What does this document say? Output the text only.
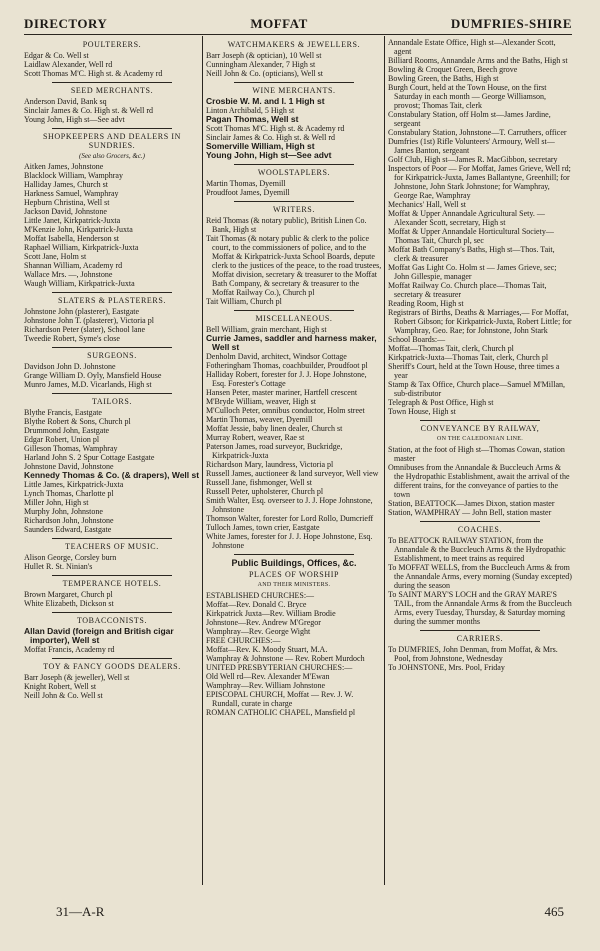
DIRECTORY	MOFFAT	DUMFRIES-SHIRE
POULTERERS.
Edgar & Co. Well st
Laidlaw Alexander, Well rd
Scott Thomas M'C. High st. & Academy rd
SEED MERCHANTS.
Anderson David, Bank sq
Sinclair James & Co. High st. & Well rd
Young John, High st—See advt
SHOPKEEPERS AND DEALERS IN SUNDRIES.
(See also Grocers, &c.)
Aitken James, Johnstone
Blacklock William, Wamphray
Halliday James, Church st
Harkness Samuel, Wamphray
Hepburn Christina, Well st
Jackson David, Johnstone
Little Janet, Kirkpatrick-Juxta
M'Kenzie John, Kirkpatrick-Juxta
Moffat Isabella, Henderson st
Raphael William, Kirkpatrick-Juxta
Scott Jane, Holm st
Shannan William, Academy rd
Wallace Mrs. —, Johnstone
Waugh William, Kirkpatrick-Juxta
SLATERS & PLASTERERS.
Johnstone John (plasterer), Eastgate
Johnstone John T. (plasterer), Victoria pl
Richardson Peter (slater), School lane
Tweedie Robert, Syme's close
SURGEONS.
Davidson John D. Johnstone
Grange William D. Oyly, Mansfield House
Munro James, M.D. Vicarlands, High st
TAILORS.
Blythe Francis, Eastgate
Blythe Robert & Sons, Church pl
Drummond John, Eastgate
Edgar Robert, Union pl
Gilleson Thomas, Wamphray
Harland John S. 2 Spur Cottage Eastgate
Johnstone David, Johnstone
Kennedy Thomas & Co. (& drapers), Well st
Little James, Kirkpatrick-Juxta
Lynch Thomas, Charlotte pl
Miller John, High st
Murphy John, Johnstone
Richardson John, Johnstone
Saunders Edward, Eastgate
TEACHERS OF MUSIC.
Alison George, Corsley burn
Hullet R. St. Ninian's
TEMPERANCE HOTELS.
Brown Margaret, Church pl
White Elizabeth, Dickson st
TOBACCONISTS.
Allan David (foreign and British cigar importer), Well st
Moffat Francis, Academy rd
TOY & FANCY GOODS DEALERS.
Barr Joseph (& jeweller), Well st
Knight Robert, Well st
Neill John & Co. Well st
WATCHMAKERS & JEWELLERS.
Barr Joseph (& optician), 10 Well st
Cunningham Alexander, 7 High st
Neill John & Co. (opticians), Well st
WINE MERCHANTS.
Crosbie W. M. and I. 1 High st
Linton Archibald, 5 High st
Pagan Thomas, Well st
Scott Thomas M'C. High st. & Academy rd
Sinclair James & Co. High st. & Well rd
Somerville William, High st
Young John, High st—See advt
WOOLSTAPLERS.
Martin Thomas, Dyemill
Proudfoot James, Dyemill
WRITERS.
Reid Thomas (& notary public), British Linen Co. Bank, High st
Tait Thomas (& notary public & clerk to the police court, to the commissioners of police, and to the Moffat & Kirkpatrick-Juxta School Boards, depute clerk to the justices of the peace, to the road trustees, Moffat division, secretary & treasurer to the Moffat Bath Company, & secretary & treasurer to the Moffat Railway Co.), Church pl
Tait William, Church pl
MISCELLANEOUS.
Bell William, grain merchant, High st
Currie James, saddler and harness maker, Well st
Denholm David, architect, Windsor Cottage
Fotheringham Thomas, coachbuilder, Proudfoot pl
Halliday Robert, forester for J. J. Hope Johnstone, Esq. Forester's Cottage
Hansen Peter, master mariner, Hartfell crescent
M'Bryde William, weaver, High st
M'Culloch Peter, omnibus conductor, Holm street
Martin Thomas, weaver, Dyemill
Moffat Jessie, baby linen dealer, Church st
Murray Robert, weaver, Rae st
Paterson James, road surveyor, Buckridge, Kirkpatrick-Juxta
Richardson Mary, laundress, Victoria pl
Russell James, auctioneer & land surveyor, Well view
Russell Jane, fishmonger, Well st
Russell Peter, upholsterer, Church pl
Smith Walter, Esq. overseer to J. J. Hope Johnstone, Johnstone
Thomson Walter, forester for Lord Rollo, Dumcrieff
Tulloch James, town crier, Eastgate
White James, forester for J. J. Hope Johnstone, Esq. Johnstone
Public Buildings, Offices, &c.
PLACES OF WORSHIP
AND THEIR MINISTERS.
ESTABLISHED CHURCHES:—
Moffat—Rev. Donald C. Bryce
Kirkpatrick Juxta—Rev. William Brodie
Johnstone—Rev. Andrew M'Gregor
Wamphray—Rev. George Wight
FREE CHURCHES:—
Moffat—Rev. K. Moody Stuart, M.A.
Wamphray & Johnstone — Rev. Robert Murdoch
UNITED PRESBYTERIAN CHURCHES:—
Old Well rd—Rev. Alexander M'Ewan
Wamphray—Rev. William Johnstone
EPISCOPAL CHURCH, Moffat — Rev. J. W. Rundall, curate in charge
ROMAN CATHOLIC CHAPEL, Mansfield pl
Annandale Estate Office, High st—Alexander Scott, agent
Billiard Rooms, Annandale Arms and the Baths, High st
Bowling & Croquet Green, Beech grove
Bowling Green, the Baths, High st
Burgh Court, held at the Town House, on the first Saturday in each month — George Williamson, provost; Thomas Tait, clerk
Constabulary Station, off Holm st—James Jardine, sergeant
Constabulary Station, Johnstone—T. Carruthers, officer
Dumfries (1st) Rifle Volunteers' Armoury, Well st—James Banton, sergeant
Golf Club, High st—James R. MacGibbon, secretary
Inspectors of Poor — For Moffat, James Grieve, Well rd; for Kirkpatrick-Juxta, James Ballantyne, Greenhill; for Johnstone, John Stark Johnstone; for Wamphray, George Rae, Wamphray
Mechanics' Hall, Well st
Moffat & Upper Annandale Agricultural Sety. —Alexander Scott, secretary, High st
Moffat & Upper Annandale Horticultural Society—Thomas Tait, Church pl, sec
Moffat Bath Company's Baths, High st—Thos. Tait, clerk & treasurer
Moffat Gas Light Co. Holm st — James Grieve, sec; John Gillespie, manager
Moffat Railway Co. Church place—Thomas Tait, secretary & treasurer
Reading Room, High st
Registrars of Births, Deaths & Marriages,— For Moffat, Robert Gibson; for Kirkpatrick-Juxta, Robert Little; for Wamphray, Geo. Rae; for Johnstone, John Stark
School Boards:—
Moffat—Thomas Tait, clerk, Church pl
Kirkpatrick-Juxta—Thomas Tait, clerk, Church pl
Sheriff's Court, held at the Town House, three times a year
Stamp & Tax Office, Church place—Samuel M'Millan, sub-distributor
Telegraph & Post Office, High st
Town House, High st
CONVEYANCE BY RAILWAY,
ON THE CALEDONIAN LINE.
Station, at the foot of High st—Thomas Cowan, station master
Omnibuses from the Annandale & Buccleuch Arms & the Hydropathic Establishment, await the arrival of the different trains, for the conveyance of parties to the town
Station, BEATTOCK—James Dixon, station master
Station, WAMPHRAY — John Bell, station master
COACHES.
To BEATTOCK RAILWAY STATION, from the Annandale & the Buccleuch Arms & the Hydropathic Establishment, to meet trains as required
To MOFFAT WELLS, from the Buccleuch Arms & from the Annandale Arms, every morning (Sunday excepted) during the season
To SAINT MARY'S LOCH and the GRAY MARE'S TAIL, from the Annandale Arms & from the Buccleuch Arms, every Tuesday, Thursday, & Saturday morning during the summer months
CARRIERS.
To DUMFRIES, John Denman, from Moffat, & Mrs. Pool, from Johnstone, Wednesday
To JOHNSTONE, Mrs. Pool, Friday
31—A-R	465
